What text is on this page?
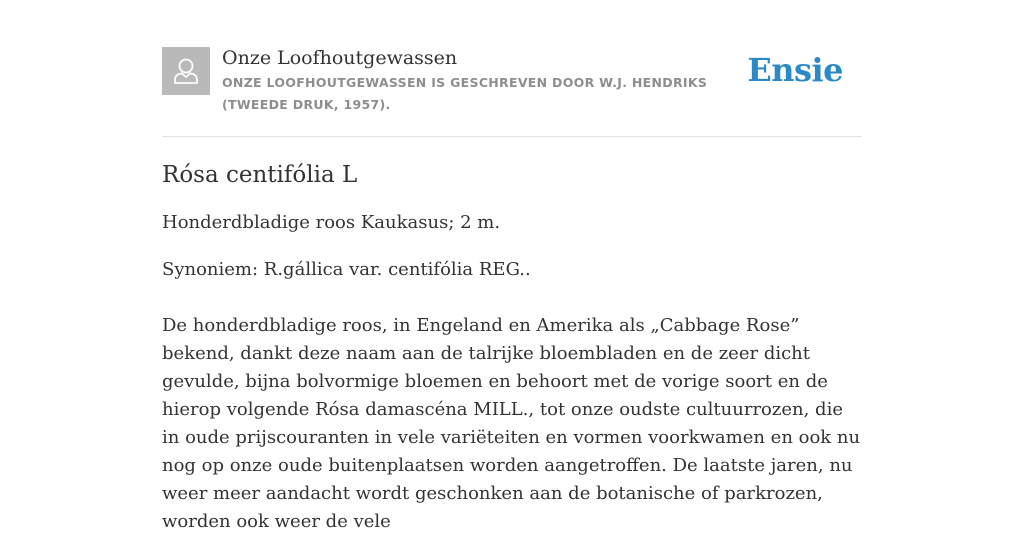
Onze Loofhoutgewassen
ONZE LOOFHOUTGEWASSEN IS GESCHREVEN DOOR W.J. HENDRIKS (TWEEDE DRUK, 1957).
Ensie
Rósa centifólia L

Honderdbladige roos Kaukasus; 2 m.

Synoniem: R.gállica var. centifólia REG..

De honderdbladige roos, in Engeland en Amerika als „Cabbage Rose” bekend, dankt deze naam aan de talrijke bloembladen en de zeer dicht gevulde, bijna bolvormige bloemen en behoort met de vorige soort en de hierop volgende Rósa damascéna MILL., tot onze oudste cultuurrozen, die in oude prijscouranten in vele variëteiten en vormen voorkwamen en ook nu nog op onze oude buitenplaatsen worden aangetroffen. De laatste jaren, nu weer meer aandacht wordt geschonken aan de botanische of parkrozen, worden ook weer de vele
